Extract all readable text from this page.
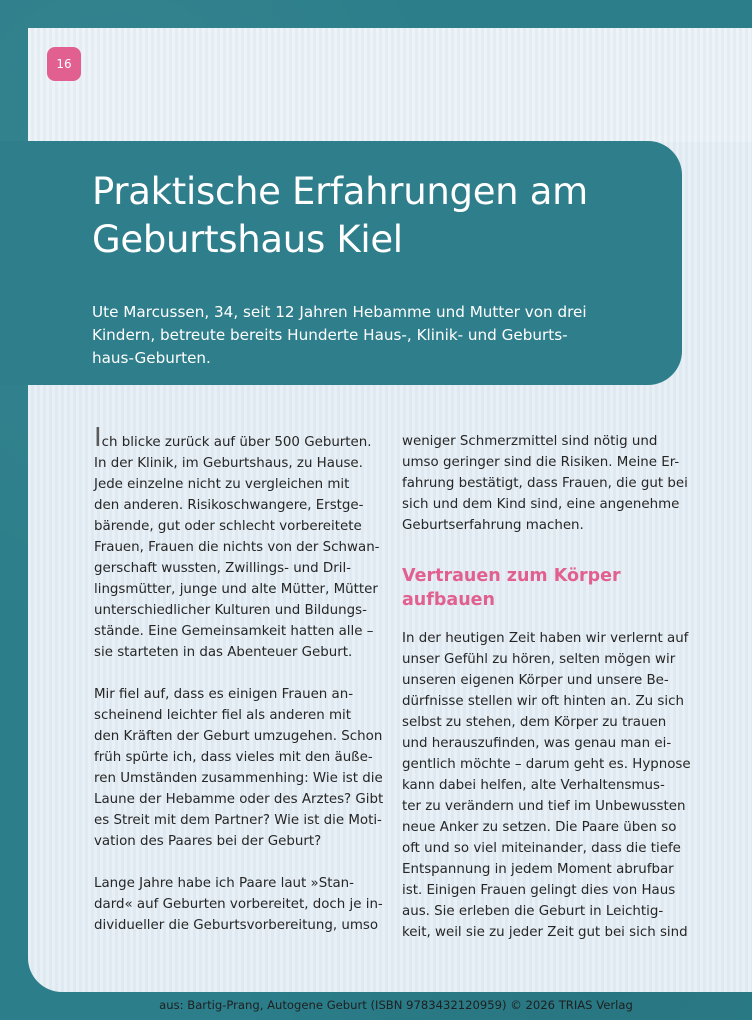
16
Praktische Erfahrungen am
Geburtshaus Kiel
Ute Marcussen, 34, seit 12 Jahren Hebamme und Mutter von drei
Kindern, betreute bereits Hunderte Haus-, Klinik- und Geburts-
haus-Geburten.

Ich blicke zurück auf über 500 Geburten.
In der Klinik, im Geburtshaus, zu Hause.
Jede einzelne nicht zu vergleichen mit
den anderen. Risikoschwangere, Erstge-
bärende, gut oder schlecht vorbereitete
Frauen, Frauen die nichts von der Schwan-
gerschaft wussten, Zwillings- und Dril-
lingsmütter, junge und alte Mütter, Mütter
unterschiedlicher Kulturen und Bildungs-
stände. Eine Gemeinsamkeit hatten alle –
sie starteten in das Abenteuer Geburt.

Mir fiel auf, dass es einigen Frauen an-
scheinend leichter fiel als anderen mit
den Kräften der Geburt umzugehen. Schon
früh spürte ich, dass vieles mit den äuße-
ren Umständen zusammenhing: Wie ist die
Laune der Hebamme oder des Arztes? Gibt
es Streit mit dem Partner? Wie ist die Moti-
vation des Paares bei der Geburt?

Lange Jahre habe ich Paare laut »Stan-
dard« auf Geburten vorbereitet, doch je in-
dividueller die Geburtsvorbereitung, umso

weniger Schmerzmittel sind nötig und
umso geringer sind die Risiken. Meine Er-
fahrung bestätigt, dass Frauen, die gut bei
sich und dem Kind sind, eine angenehme
Geburtserfahrung machen.

Vertrauen zum Körper
aufbauen

In der heutigen Zeit haben wir verlernt auf
unser Gefühl zu hören, selten mögen wir
unseren eigenen Körper und unsere Be-
dürfnisse stellen wir oft hinten an. Zu sich
selbst zu stehen, dem Körper zu trauen
und herauszufinden, was genau man ei-
gentlich möchte – darum geht es. Hypnose
kann dabei helfen, alte Verhaltensmus-
ter zu verändern und tief im Unbewussten
neue Anker zu setzen. Die Paare üben so
oft und so viel miteinander, dass die tiefe
Entspannung in jedem Moment abrufbar
ist. Einigen Frauen gelingt dies von Haus
aus. Sie erleben die Geburt in Leichtig-
keit, weil sie zu jeder Zeit gut bei sich sind

aus: Bartig-Prang, Autogene Geburt (ISBN 9783432120959) © 2026 TRIAS Verlag
